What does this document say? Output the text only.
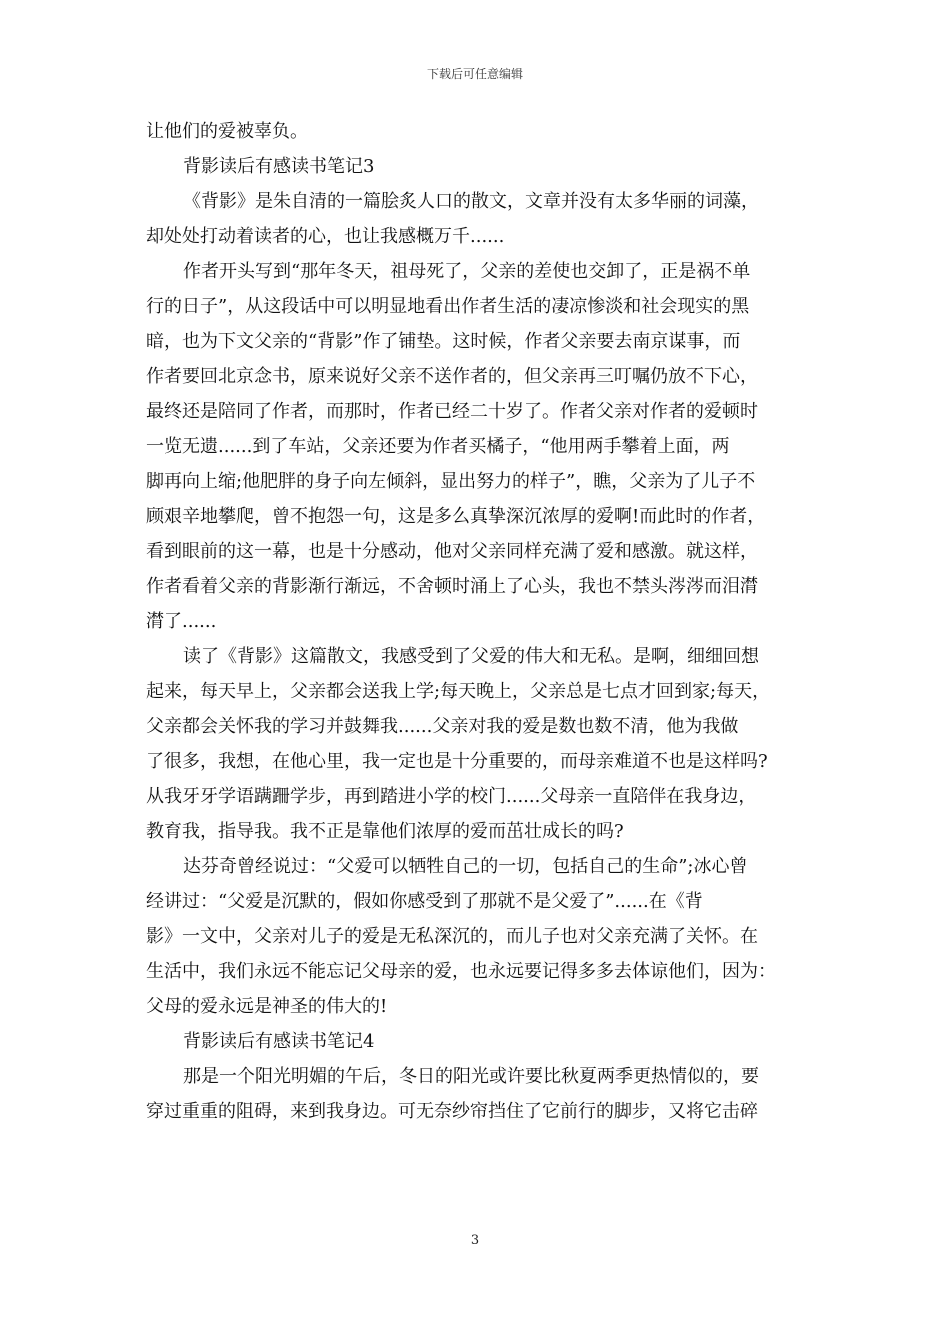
下载后可任意编辑
让他们的爱被辜负。
背影读后有感读书笔记3
《背影》是朱自清的一篇脍炙人口的散文，文章并没有太多华丽的词藻，
却处处打动着读者的心，也让我感概万千......
作者开头写到“那年冬天，祖母死了，父亲的差使也交卸了，正是祸不单
行的日子”，从这段话中可以明显地看出作者生活的凄凉惨淡和社会现实的黑
暗，也为下文父亲的“背影”作了铺垫。这时候，作者父亲要去南京谋事，而
作者要回北京念书，原来说好父亲不送作者的，但父亲再三叮嘱仍放不下心，
最终还是陪同了作者，而那时，作者已经二十岁了。作者父亲对作者的爱顿时
一览无遗......到了车站，父亲还要为作者买橘子，“他用两手攀着上面，两
脚再向上缩;他肥胖的身子向左倾斜，显出努力的样子”，瞧，父亲为了儿子不
顾艰辛地攀爬，曾不抱怨一句，这是多么真挚深沉浓厚的爱啊!而此时的作者，
看到眼前的这一幕，也是十分感动，他对父亲同样充满了爱和感激。就这样，
作者看着父亲的背影渐行渐远，不舍顿时涌上了心头，我也不禁头涔涔而泪潸
潸了......
读了《背影》这篇散文，我感受到了父爱的伟大和无私。是啊，细细回想
起来，每天早上，父亲都会送我上学;每天晚上，父亲总是七点才回到家;每天，
父亲都会关怀我的学习并鼓舞我......父亲对我的爱是数也数不清，他为我做
了很多，我想，在他心里，我一定也是十分重要的，而母亲难道不也是这样吗?
从我牙牙学语蹒跚学步，再到踏进小学的校门......父母亲一直陪伴在我身边，
教育我，指导我。我不正是靠他们浓厚的爱而茁壮成长的吗?
达芬奇曾经说过：“父爱可以牺牲自己的一切，包括自己的生命”;冰心曾
经讲过：“父爱是沉默的，假如你感受到了那就不是父爱了”......在《背
影》一文中，父亲对儿子的爱是无私深沉的，而儿子也对父亲充满了关怀。在
生活中，我们永远不能忘记父母亲的爱，也永远要记得多多去体谅他们，因为：
父母的爱永远是神圣的伟大的!
背影读后有感读书笔记4
那是一个阳光明媚的午后，冬日的阳光或许要比秋夏两季更热情似的，要
穿过重重的阻碍，来到我身边。可无奈纱帘挡住了它前行的脚步，又将它击碎
3
